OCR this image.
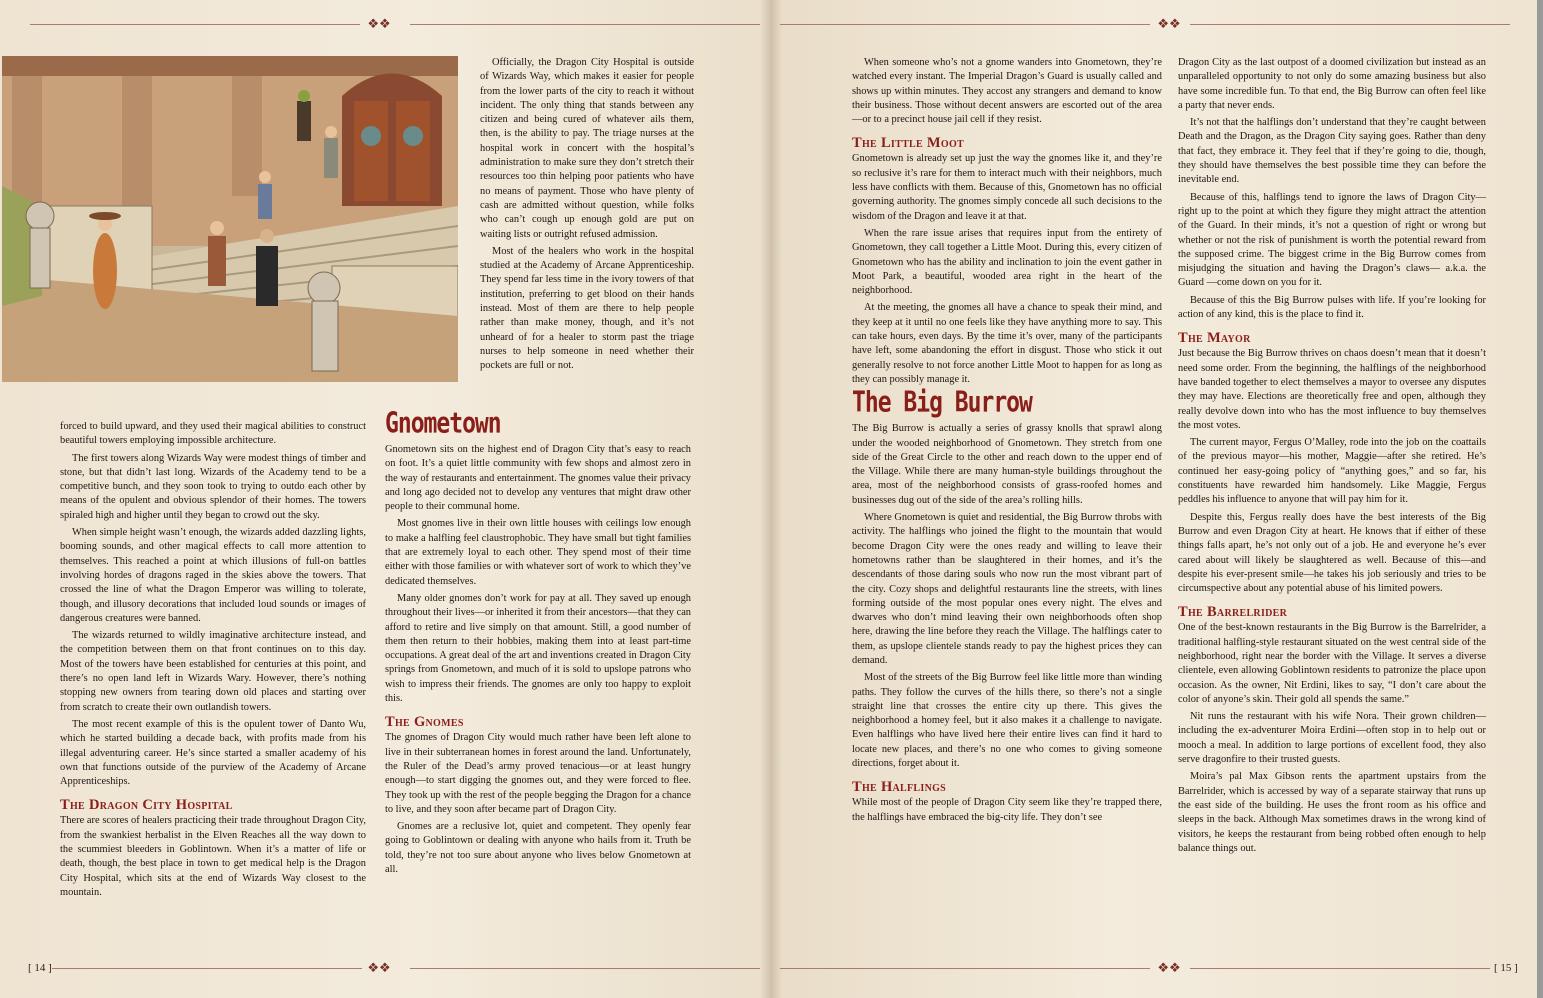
❖❖

Officially, the Dragon City Hospital is outside of Wizards Way, which makes it easier for people from the lower parts of the city to reach it without incident. The only thing that stands between any citizen and being cured of whatever ails them, then, is the ability to pay. The triage nurses at the hospital work in concert with the hospital’s administration to make sure they don’t stretch their resources too thin helping poor patients who have no means of payment. Those who have plenty of cash are admitted without question, while folks who can’t cough up enough gold are put on waiting lists or outright refused admission.

Most of the healers who work in the hospital studied at the Academy of Arcane Apprenticeship. They spend far less time in the ivory towers of that institution, preferring to get blood on their hands instead. Most of them are there to help people rather than make money, though, and it’s not unheard of for a healer to storm past the triage nurses to help someone in need whether their pockets are full or not.

forced to build upward, and they used their magical abilities to construct beautiful towers employing impossible architecture.

The first towers along Wizards Way were modest things of timber and stone, but that didn’t last long. Wizards of the Academy tend to be a competitive bunch, and they soon took to trying to outdo each other by means of the opulent and obvious splendor of their homes. The towers spiraled high and higher until they began to crowd out the sky.

When simple height wasn’t enough, the wizards added dazzling lights, booming sounds, and other magical effects to call more attention to themselves. This reached a point at which illusions of full-on battles involving hordes of dragons raged in the skies above the towers. That crossed the line of what the Dragon Emperor was willing to tolerate, though, and illusory decorations that included loud sounds or images of dangerous creatures were banned.

The wizards returned to wildly imaginative architecture instead, and the competition between them on that front continues on to this day. Most of the towers have been established for centuries at this point, and there’s no open land left in Wizards Wary. However, there’s nothing stopping new owners from tearing down old places and starting over from scratch to create their own outlandish towers.

The most recent example of this is the opulent tower of Danto Wu, which he started building a decade back, with profits made from his illegal adventuring career. He’s since started a smaller academy of his own that functions outside of the purview of the Academy of Arcane Apprenticeships.

The Dragon City Hospital

There are scores of healers practicing their trade throughout Dragon City, from the swankiest herbalist in the Elven Reaches all the way down to the scummiest bleeders in Goblintown. When it’s a matter of life or death, though, the best place in town to get medical help is the Dragon City Hospital, which sits at the end of Wizards Way closest to the mountain.

Gnometown

Gnometown sits on the highest end of Dragon City that’s easy to reach on foot. It’s a quiet little community with few shops and almost zero in the way of restaurants and entertainment. The gnomes value their privacy and long ago decided not to develop any ventures that might draw other people to their communal home.

Most gnomes live in their own little houses with ceilings low enough to make a halfling feel claustrophobic. They have small but tight families that are extremely loyal to each other. They spend most of their time either with those families or with whatever sort of work to which they’ve dedicated themselves.

Many older gnomes don’t work for pay at all. They saved up enough throughout their lives—or inherited it from their ancestors—that they can afford to retire and live simply on that amount. Still, a good number of them then return to their hobbies, making them into at least part-time occupations. A great deal of the art and inventions created in Dragon City springs from Gnometown, and much of it is sold to upslope patrons who wish to impress their friends. The gnomes are only too happy to exploit this.

The Gnomes

The gnomes of Dragon City would much rather have been left alone to live in their subterranean homes in forest around the land. Unfortunately, the Ruler of the Dead’s army proved tenacious—or at least hungry enough—to start digging the gnomes out, and they were forced to flee. They took up with the rest of the people begging the Dragon for a chance to live, and they soon after became part of Dragon City.

Gnomes are a reclusive lot, quiet and competent. They openly fear going to Goblintown or dealing with anyone who hails from it. Truth be told, they’re not too sure about anyone who lives below Gnometown at all.

❖❖
[ 14 ]
❖❖

When someone who’s not a gnome wanders into Gnometown, they’re watched every instant. The Imperial Dragon’s Guard is usually called and shows up within minutes. They accost any strangers and demand to know their business. Those without decent answers are escorted out of the area—or to a precinct house jail cell if they resist.

The Little Moot

Gnometown is already set up just the way the gnomes like it, and they’re so reclusive it’s rare for them to interact much with their neighbors, much less have conflicts with them. Because of this, Gnometown has no official governing authority. The gnomes simply concede all such decisions to the wisdom of the Dragon and leave it at that.

When the rare issue arises that requires input from the entirety of Gnometown, they call together a Little Moot. During this, every citizen of Gnometown who has the ability and inclination to join the event gather in Moot Park, a beautiful, wooded area right in the heart of the neighborhood.

At the meeting, the gnomes all have a chance to speak their mind, and they keep at it until no one feels like they have anything more to say. This can take hours, even days. By the time it’s over, many of the participants have left, some abandoning the effort in disgust. Those who stick it out generally resolve to not force another Little Moot to happen for as long as they can possibly manage it.

The Big Burrow

The Big Burrow is actually a series of grassy knolls that sprawl along under the wooded neighborhood of Gnometown. They stretch from one side of the Great Circle to the other and reach down to the upper end of the Village. While there are many human-style buildings throughout the area, most of the neighborhood consists of grass-roofed homes and businesses dug out of the side of the area’s rolling hills.

Where Gnometown is quiet and residential, the Big Burrow throbs with activity. The halflings who joined the flight to the mountain that would become Dragon City were the ones ready and willing to leave their hometowns rather than be slaughtered in their homes, and it’s the descendants of those daring souls who now run the most vibrant part of the city. Cozy shops and delightful restaurants line the streets, with lines forming outside of the most popular ones every night. The elves and dwarves who don’t mind leaving their own neighborhoods often shop here, drawing the line before they reach the Village. The halflings cater to them, as upslope clientele stands ready to pay the highest prices they can demand.

Most of the streets of the Big Burrow feel like little more than winding paths. They follow the curves of the hills there, so there’s not a single straight line that crosses the entire city up there. This gives the neighborhood a homey feel, but it also makes it a challenge to navigate. Even halflings who have lived here their entire lives can find it hard to locate new places, and there’s no one who comes to giving someone directions, forget about it.

The Halflings

While most of the people of Dragon City seem like they’re trapped there, the halflings have embraced the big-city life. They don’t see

Dragon City as the last outpost of a doomed civilization but instead as an unparalleled opportunity to not only do some amazing business but also have some incredible fun. To that end, the Big Burrow can often feel like a party that never ends.

It’s not that the halflings don’t understand that they’re caught between Death and the Dragon, as the Dragon City saying goes. Rather than deny that fact, they embrace it. They feel that if they’re going to die, though, they should have themselves the best possible time they can before the inevitable end.

Because of this, halflings tend to ignore the laws of Dragon City—right up to the point at which they figure they might attract the attention of the Guard. In their minds, it’s not a question of right or wrong but whether or not the risk of punishment is worth the potential reward from the supposed crime. The biggest crime in the Big Burrow comes from misjudging the situation and having the Dragon’s claws— a.k.a. the Guard —come down on you for it.

Because of this the Big Burrow pulses with life. If you’re looking for action of any kind, this is the place to find it.

The Mayor

Just because the Big Burrow thrives on chaos doesn’t mean that it doesn’t need some order. From the beginning, the halflings of the neighborhood have banded together to elect themselves a mayor to oversee any disputes they may have. Elections are theoretically free and open, although they really devolve down into who has the most influence to buy themselves the most votes.

The current mayor, Fergus O’Malley, rode into the job on the coattails of the previous mayor—his mother, Maggie—after she retired. He’s continued her easy-going policy of “anything goes,” and so far, his constituents have rewarded him handsomely. Like Maggie, Fergus peddles his influence to anyone that will pay him for it.

Despite this, Fergus really does have the best interests of the Big Burrow and even Dragon City at heart. He knows that if either of these things falls apart, he’s not only out of a job. He and everyone he’s ever cared about will likely be slaughtered as well. Because of this—and despite his ever-present smile—he takes his job seriously and tries to be circumspective about any potential abuse of his limited powers.

The Barrelrider

One of the best-known restaurants in the Big Burrow is the Barrelrider, a traditional halfling-style restaurant situated on the west central side of the neighborhood, right near the border with the Village. It serves a diverse clientele, even allowing Goblintown residents to patronize the place upon occasion. As the owner, Nit Erdini, likes to say, “I don’t care about the color of anyone’s skin. Their gold all spends the same.”

Nit runs the restaurant with his wife Nora. Their grown children—including the ex-adventurer Moira Erdini—often stop in to help out or mooch a meal. In addition to large portions of excellent food, they also serve dragonfire to their trusted guests.

Moira’s pal Max Gibson rents the apartment upstairs from the Barrelrider, which is accessed by way of a separate stairway that runs up the east side of the building. He uses the front room as his office and sleeps in the back. Although Max sometimes draws in the wrong kind of visitors, he keeps the restaurant from being robbed often enough to help balance things out.

❖❖	[ 15 ]
